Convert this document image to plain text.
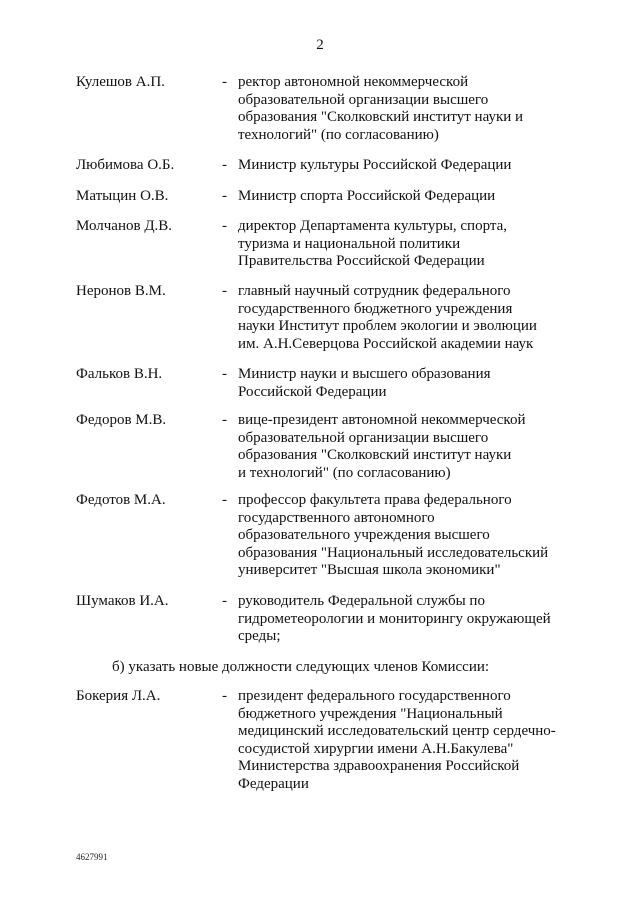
2
Кулешов А.П.	- ректор автономной некоммерческой
образовательной организации высшего
образования "Сколковский институт науки и
технологий" (по согласованию)
Любимова О.Б.	- Министр культуры Российской Федерации
Матыцин О.В.	- Министр спорта Российской Федерации
Молчанов Д.В.	- директор Департамента культуры, спорта,
туризма и национальной политики
Правительства Российской Федерации
Неронов В.М.	- главный научный сотрудник федерального
государственного бюджетного учреждения
науки Институт проблем экологии и эволюции
им. А.Н.Северцова Российской академии наук
Фальков В.Н.	- Министр науки и высшего образования
Российской Федерации
Федоров М.В.	- вице-президент автономной некоммерческой
образовательной организации высшего
образования "Сколковский институт науки
и технологий" (по согласованию)
Федотов М.А.	- профессор факультета права федерального
государственного автономного
образовательного учреждения высшего
образования "Национальный исследовательский
университет "Высшая школа экономики"
Шумаков И.А.	- руководитель Федеральной службы по
гидрометеорологии и мониторингу окружающей
среды;
б) указать новые должности следующих членов Комиссии:
Бокерия Л.А.	- президент федерального государственного
бюджетного учреждения "Национальный
медицинский исследовательский центр сердечно-
сосудистой хирургии имени А.Н.Бакулева"
Министерства здравоохранения Российской
Федерации
4627991
